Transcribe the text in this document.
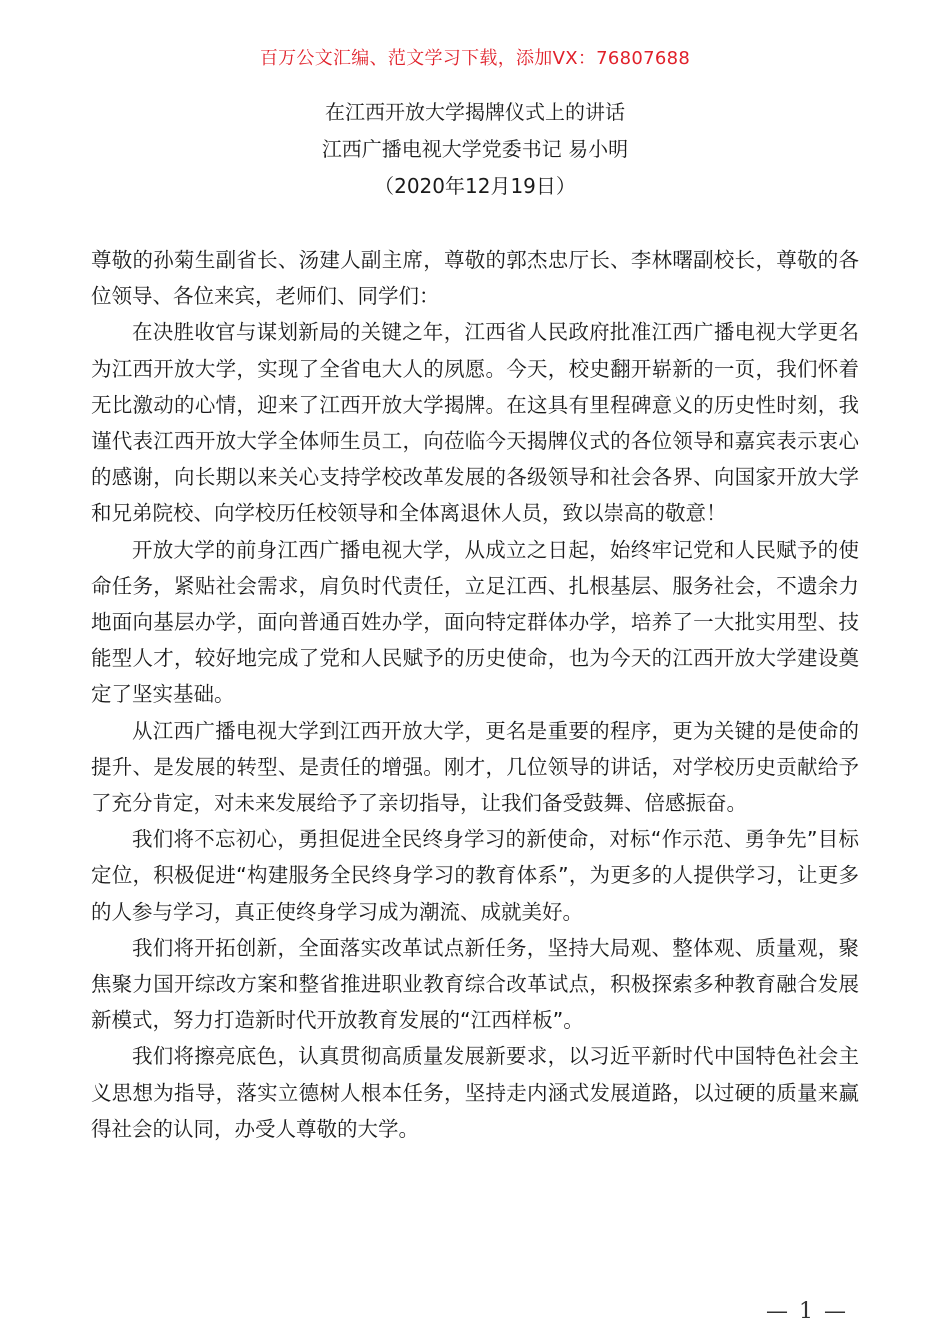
百万公文汇编、范文学习下载，添加VX：76807688
在江西开放大学揭牌仪式上的讲话
江西广播电视大学党委书记 易小明
（2020年12月19日）

尊敬的孙菊生副省长、汤建人副主席，尊敬的郭杰忠厅长、李林曙副校长，尊敬的各位领导、各位来宾，老师们、同学们：

在决胜收官与谋划新局的关键之年，江西省人民政府批准江西广播电视大学更名为江西开放大学，实现了全省电大人的夙愿。今天，校史翻开崭新的一页，我们怀着无比激动的心情，迎来了江西开放大学揭牌。在这具有里程碑意义的历史性时刻，我谨代表江西开放大学全体师生员工，向莅临今天揭牌仪式的各位领导和嘉宾表示衷心的感谢，向长期以来关心支持学校改革发展的各级领导和社会各界、向国家开放大学和兄弟院校、向学校历任校领导和全体离退休人员，致以崇高的敬意！

开放大学的前身江西广播电视大学，从成立之日起，始终牢记党和人民赋予的使命任务，紧贴社会需求，肩负时代责任，立足江西、扎根基层、服务社会，不遗余力地面向基层办学，面向普通百姓办学，面向特定群体办学，培养了一大批实用型、技能型人才，较好地完成了党和人民赋予的历史使命，也为今天的江西开放大学建设奠定了坚实基础。

从江西广播电视大学到江西开放大学，更名是重要的程序，更为关键的是使命的提升、是发展的转型、是责任的增强。刚才，几位领导的讲话，对学校历史贡献给予了充分肯定，对未来发展给予了亲切指导，让我们备受鼓舞、倍感振奋。

我们将不忘初心，勇担促进全民终身学习的新使命，对标“作示范、勇争先”目标定位，积极促进“构建服务全民终身学习的教育体系”，为更多的人提供学习，让更多的人参与学习，真正使终身学习成为潮流、成就美好。

我们将开拓创新，全面落实改革试点新任务，坚持大局观、整体观、质量观，聚焦聚力国开综改方案和整省推进职业教育综合改革试点，积极探索多种教育融合发展新模式，努力打造新时代开放教育发展的“江西样板”。

我们将擦亮底色，认真贯彻高质量发展新要求，以习近平新时代中国特色社会主义思想为指导，落实立德树人根本任务，坚持走内涵式发展道路，以过硬的质量来赢得社会的认同，办受人尊敬的大学。

— 1 —
